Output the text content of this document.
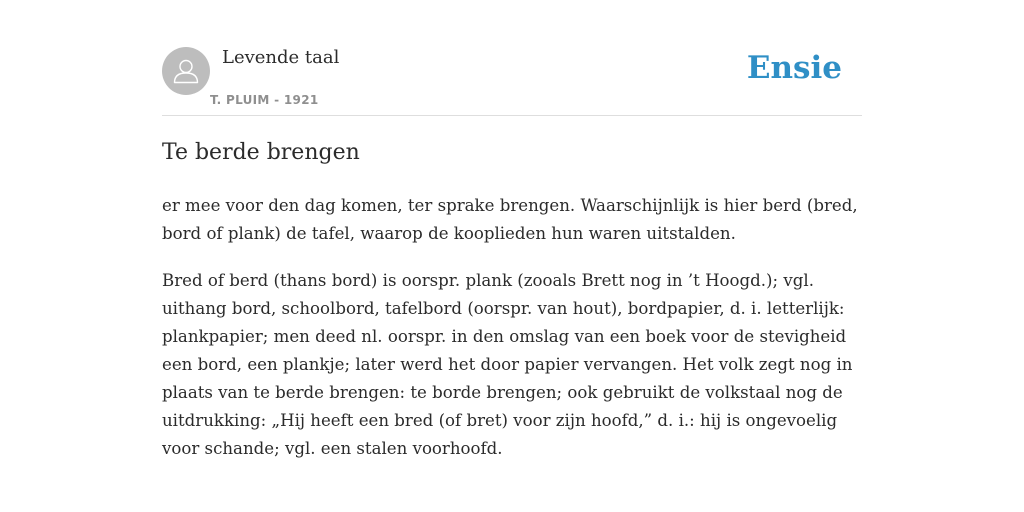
Levende taal
T. PLUIM - 1921
Ensie
Te berde brengen

er mee voor den dag komen, ter sprake brengen. Waarschijnlijk is hier berd (bred, bord of plank) de tafel, waarop de kooplieden hun waren uitstalden.

Bred of berd (thans bord) is oorspr. plank (zooals Brett nog in ’t Hoogd.); vgl. uithang bord, schoolbord, tafelbord (oorspr. van hout), bordpapier, d. i. letterlijk: plankpapier; men deed nl. oorspr. in den omslag van een boek voor de stevigheid een bord, een plankje; later werd het door papier vervangen. Het volk zegt nog in plaats van te berde brengen: te borde brengen; ook gebruikt de volkstaal nog de uitdrukking: „Hij heeft een bred (of bret) voor zijn hoofd,” d. i.: hij is ongevoelig voor schande; vgl. een stalen voorhoofd.
